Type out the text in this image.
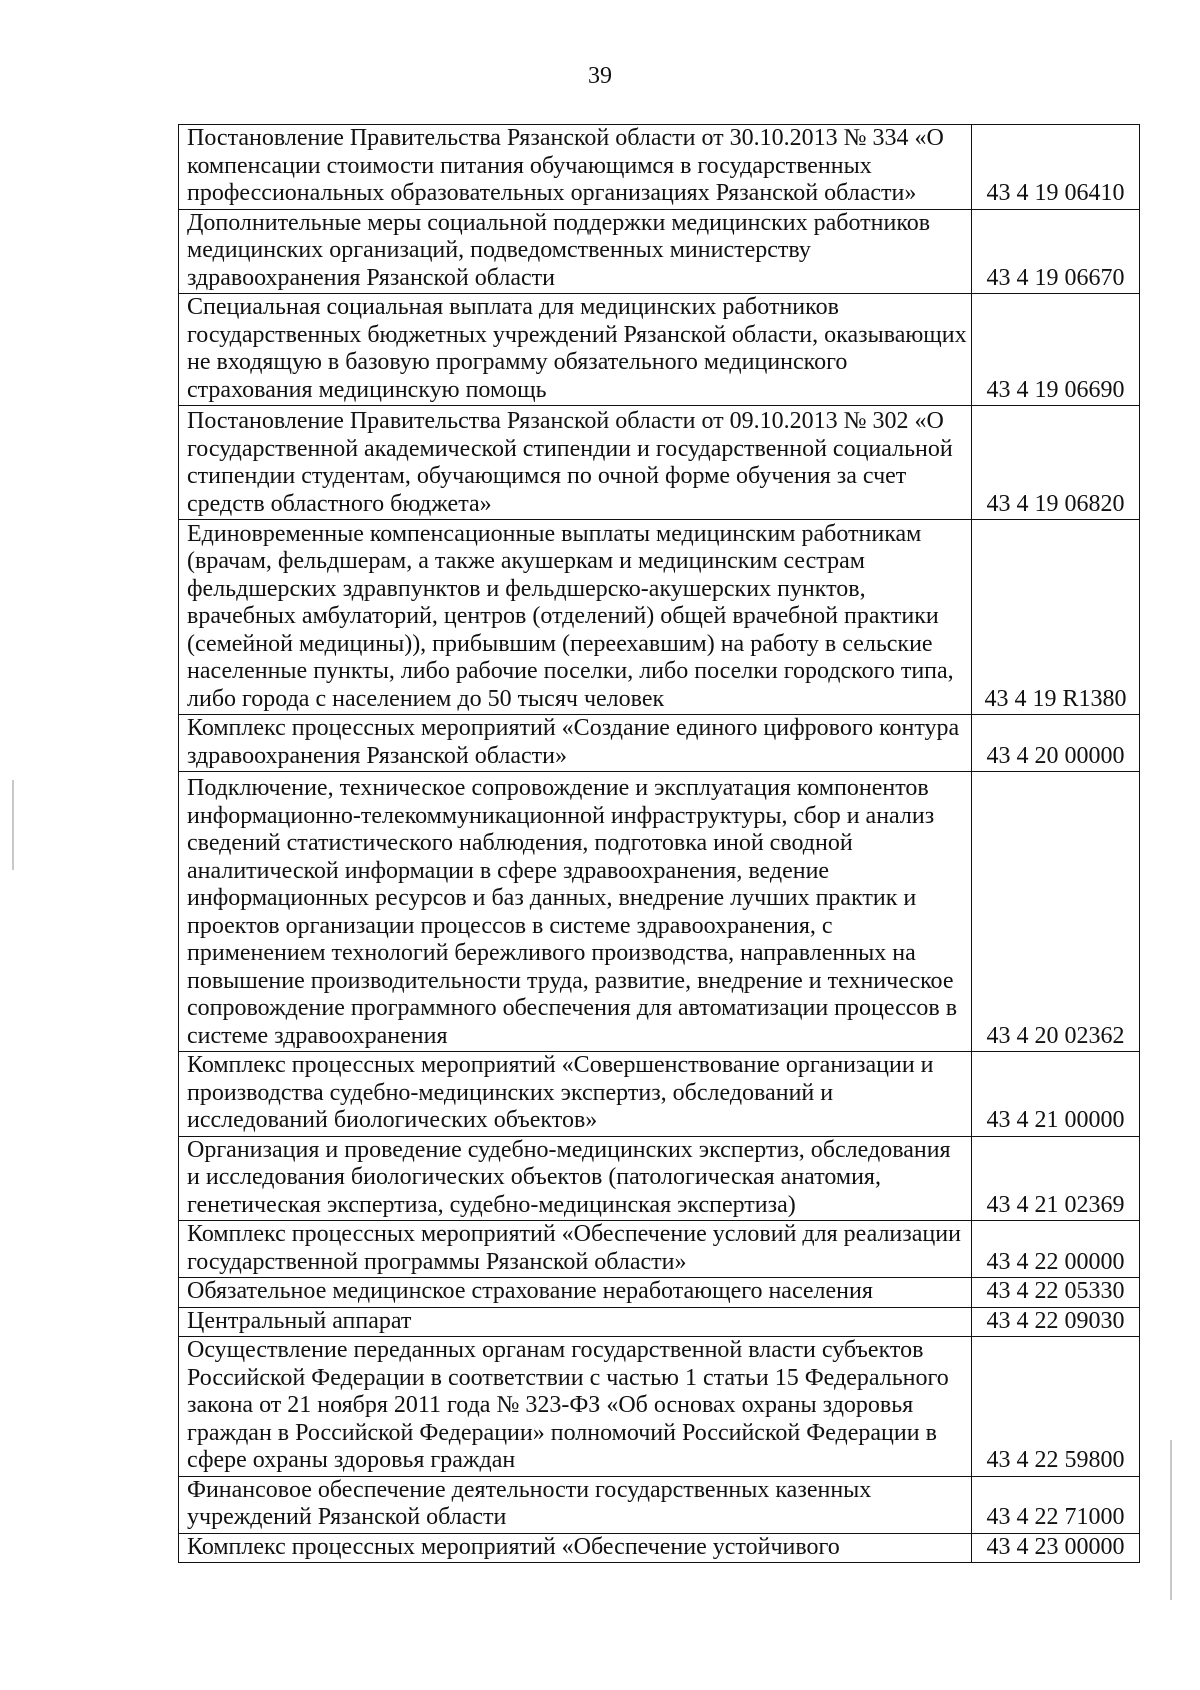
39
Постановление Правительства Рязанской области от 30.10.2013 № 334 «О компенсации стоимости питания обучающимся в государственных профессиональных образовательных организациях Рязанской области»	43 4 19 06410
Дополнительные меры социальной поддержки медицинских работников медицинских организаций, подведомственных министерству здравоохранения Рязанской области	43 4 19 06670
Специальная социальная выплата для медицинских работников государственных бюджетных учреждений Рязанской области, оказывающих не входящую в базовую программу обязательного медицинского страхования медицинскую помощь	43 4 19 06690
Постановление Правительства Рязанской области от 09.10.2013 № 302 «О государственной академической стипендии и государственной социальной стипендии студентам, обучающимся по очной форме обучения за счет средств областного бюджета»	43 4 19 06820
Единовременные компенсационные выплаты медицинским работникам (врачам, фельдшерам, а также акушеркам и медицинским сестрам фельдшерских здравпунктов и фельдшерско-акушерских пунктов, врачебных амбулаторий, центров (отделений) общей врачебной практики (семейной медицины)), прибывшим (переехавшим) на работу в сельские населенные пункты, либо рабочие поселки, либо поселки городского типа, либо города с населением до 50 тысяч человек	43 4 19 R1380
Комплекс процессных мероприятий «Создание единого цифрового контура здравоохранения Рязанской области»	43 4 20 00000
Подключение, техническое сопровождение и эксплуатация компонентов информационно-телекоммуникационной инфраструктуры, сбор и анализ сведений статистического наблюдения, подготовка иной сводной аналитической информации в сфере здравоохранения, ведение информационных ресурсов и баз данных, внедрение лучших практик и проектов организации процессов в системе здравоохранения, с применением технологий бережливого производства, направленных на повышение производительности труда, развитие, внедрение и техническое сопровождение программного обеспечения для автоматизации процессов в системе здравоохранения	43 4 20 02362
Комплекс процессных мероприятий «Совершенствование организации и производства судебно-медицинских экспертиз, обследований и исследований биологических объектов»	43 4 21 00000
Организация и проведение судебно-медицинских экспертиз, обследования и исследования биологических объектов (патологическая анатомия, генетическая экспертиза, судебно-медицинская экспертиза)	43 4 21 02369
Комплекс процессных мероприятий «Обеспечение условий для реализации государственной программы Рязанской области»	43 4 22 00000
Обязательное медицинское страхование неработающего населения	43 4 22 05330
Центральный аппарат	43 4 22 09030
Осуществление переданных органам государственной власти субъектов Российской Федерации в соответствии с частью 1 статьи 15 Федерального закона от 21 ноября 2011 года № 323-ФЗ «Об основах охраны здоровья граждан в Российской Федерации» полномочий Российской Федерации в сфере охраны здоровья граждан	43 4 22 59800
Финансовое обеспечение деятельности государственных казенных учреждений Рязанской области	43 4 22 71000
Комплекс процессных мероприятий «Обеспечение устойчивого	43 4 23 00000
